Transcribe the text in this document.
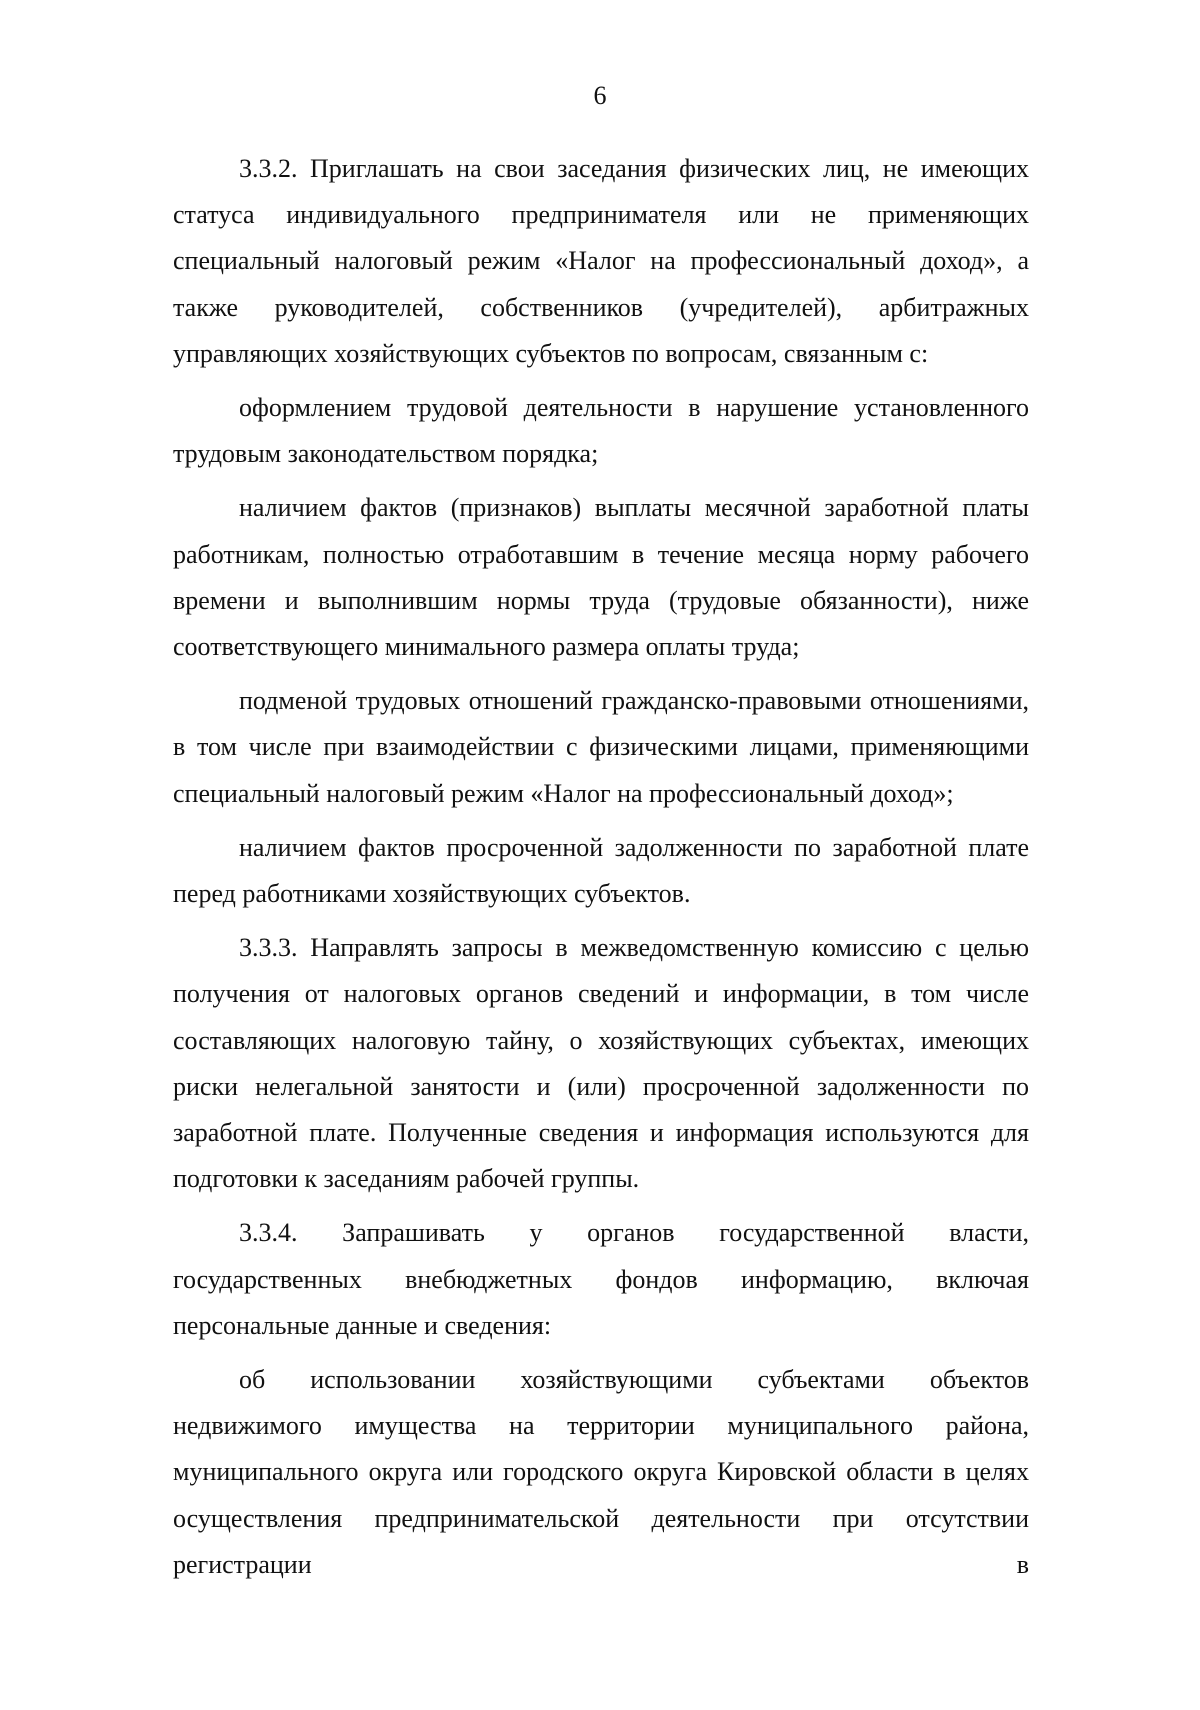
6

3.3.2. Приглашать на свои заседания физических лиц, не имеющих статуса индивидуального предпринимателя или не применяющих специальный налоговый режим «Налог на профессиональный доход», а также руководителей, собственников (учредителей), арбитражных управляющих хозяйствующих субъектов по вопросам, связанным с:

оформлением трудовой деятельности в нарушение установленного трудовым законодательством порядка;

наличием фактов (признаков) выплаты месячной заработной платы работникам, полностью отработавшим в течение месяца норму рабочего времени и выполнившим нормы труда (трудовые обязанности), ниже соответствующего минимального размера оплаты труда;

подменой трудовых отношений гражданско-правовыми отношениями, в том числе при взаимодействии с физическими лицами, применяющими специальный налоговый режим «Налог на профессиональный доход»;

наличием фактов просроченной задолженности по заработной плате перед работниками хозяйствующих субъектов.

3.3.3. Направлять запросы в межведомственную комиссию с целью получения от налоговых органов сведений и информации, в том числе составляющих налоговую тайну, о хозяйствующих субъектах, имеющих риски нелегальной занятости и (или) просроченной задолженности по заработной плате. Полученные сведения и информация используются для подготовки к заседаниям рабочей группы.

3.3.4. Запрашивать у органов государственной власти, государственных внебюджетных фондов информацию, включая персональные данные и сведения:

об использовании хозяйствующими субъектами объектов недвижимого имущества на территории муниципального района, муниципального округа или городского округа Кировской области в целях осуществления предпринимательской деятельности при отсутствии регистрации в
